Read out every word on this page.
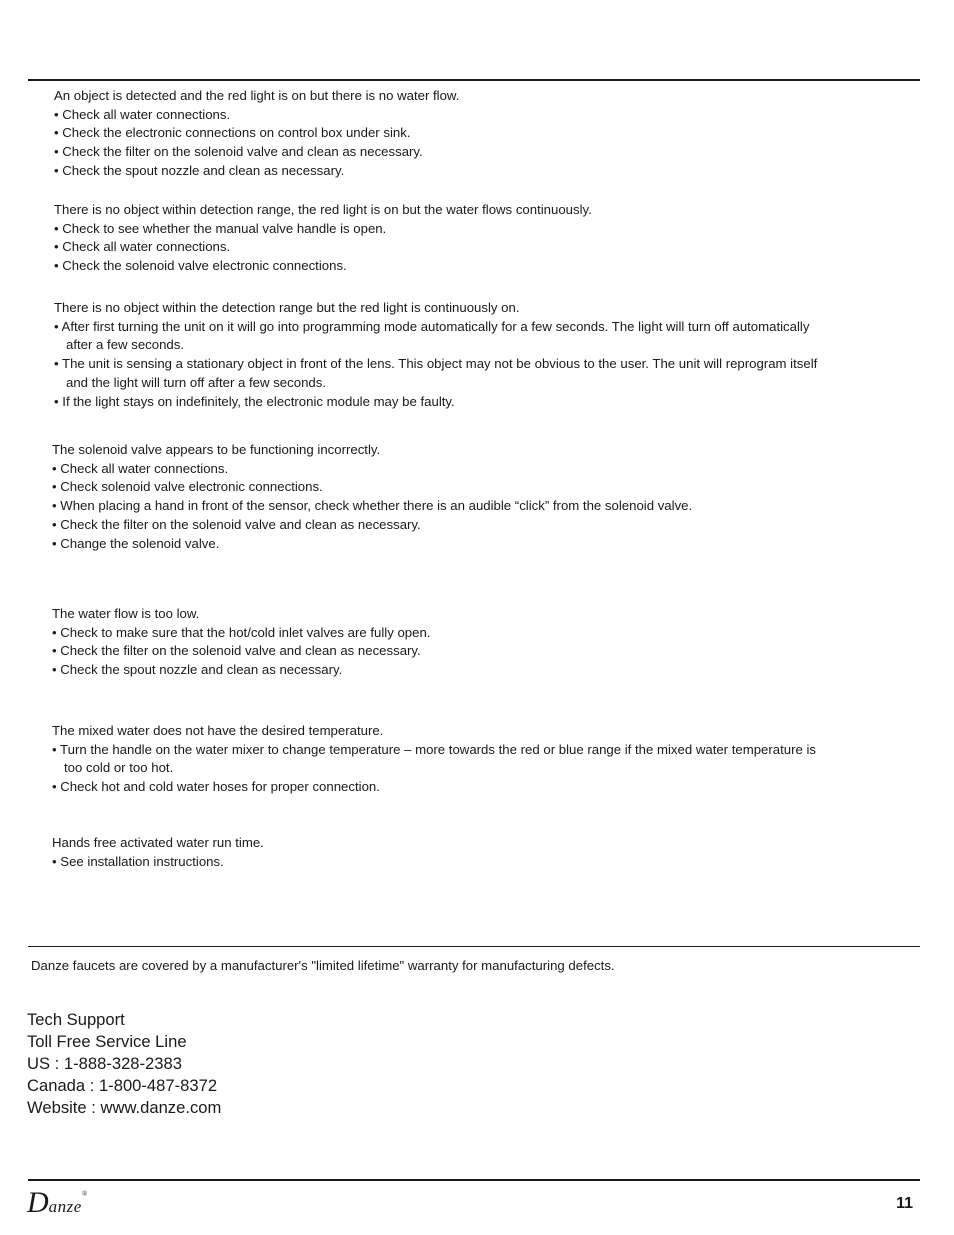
An object is detected and the red light is on but there is no water flow.
• Check all water connections.
• Check the electronic connections on control box under sink.
• Check the filter on the solenoid valve and clean as necessary.
• Check the spout nozzle and clean as necessary.
There is no object within detection range, the red light is on but the water flows continuously.
• Check to see whether the manual valve handle is open.
• Check all water connections.
• Check the solenoid valve electronic connections.
There is no object within the detection range but the red light is continuously on.
• After first turning the unit on it will go into programming mode automatically for a few seconds. The light will turn off automatically
after a few seconds.
• The unit is sensing a stationary object in front of the lens. This object may not be obvious to the user. The unit will reprogram itself
and the light will turn off after a few seconds.
• If the light stays on indefinitely, the electronic module may be faulty.
The solenoid valve appears to be functioning incorrectly.
• Check all water connections.
• Check solenoid valve electronic connections.
• When placing a hand in front of the sensor, check whether there is an audible “click” from the solenoid valve.
• Check the filter on the solenoid valve and clean as necessary.
• Change the solenoid valve.
The water flow is too low.
• Check to make sure that the hot/cold inlet valves are fully open.
• Check the filter on the solenoid valve and clean as necessary.
• Check the spout nozzle and clean as necessary.
The mixed water does not have the desired temperature.
• Turn the handle on the water mixer to change temperature – more towards the red or blue range if the mixed water temperature is
too cold or too hot.
• Check hot and cold water hoses for proper connection.
Hands free activated water run time.
• See installation instructions.
Danze faucets are covered by a manufacturer's "limited lifetime" warranty for manufacturing defects.
Tech Support
Toll Free Service Line
US : 1-888-328-2383
Canada : 1-800-487-8372
Website : www.danze.com
Danze®
11
